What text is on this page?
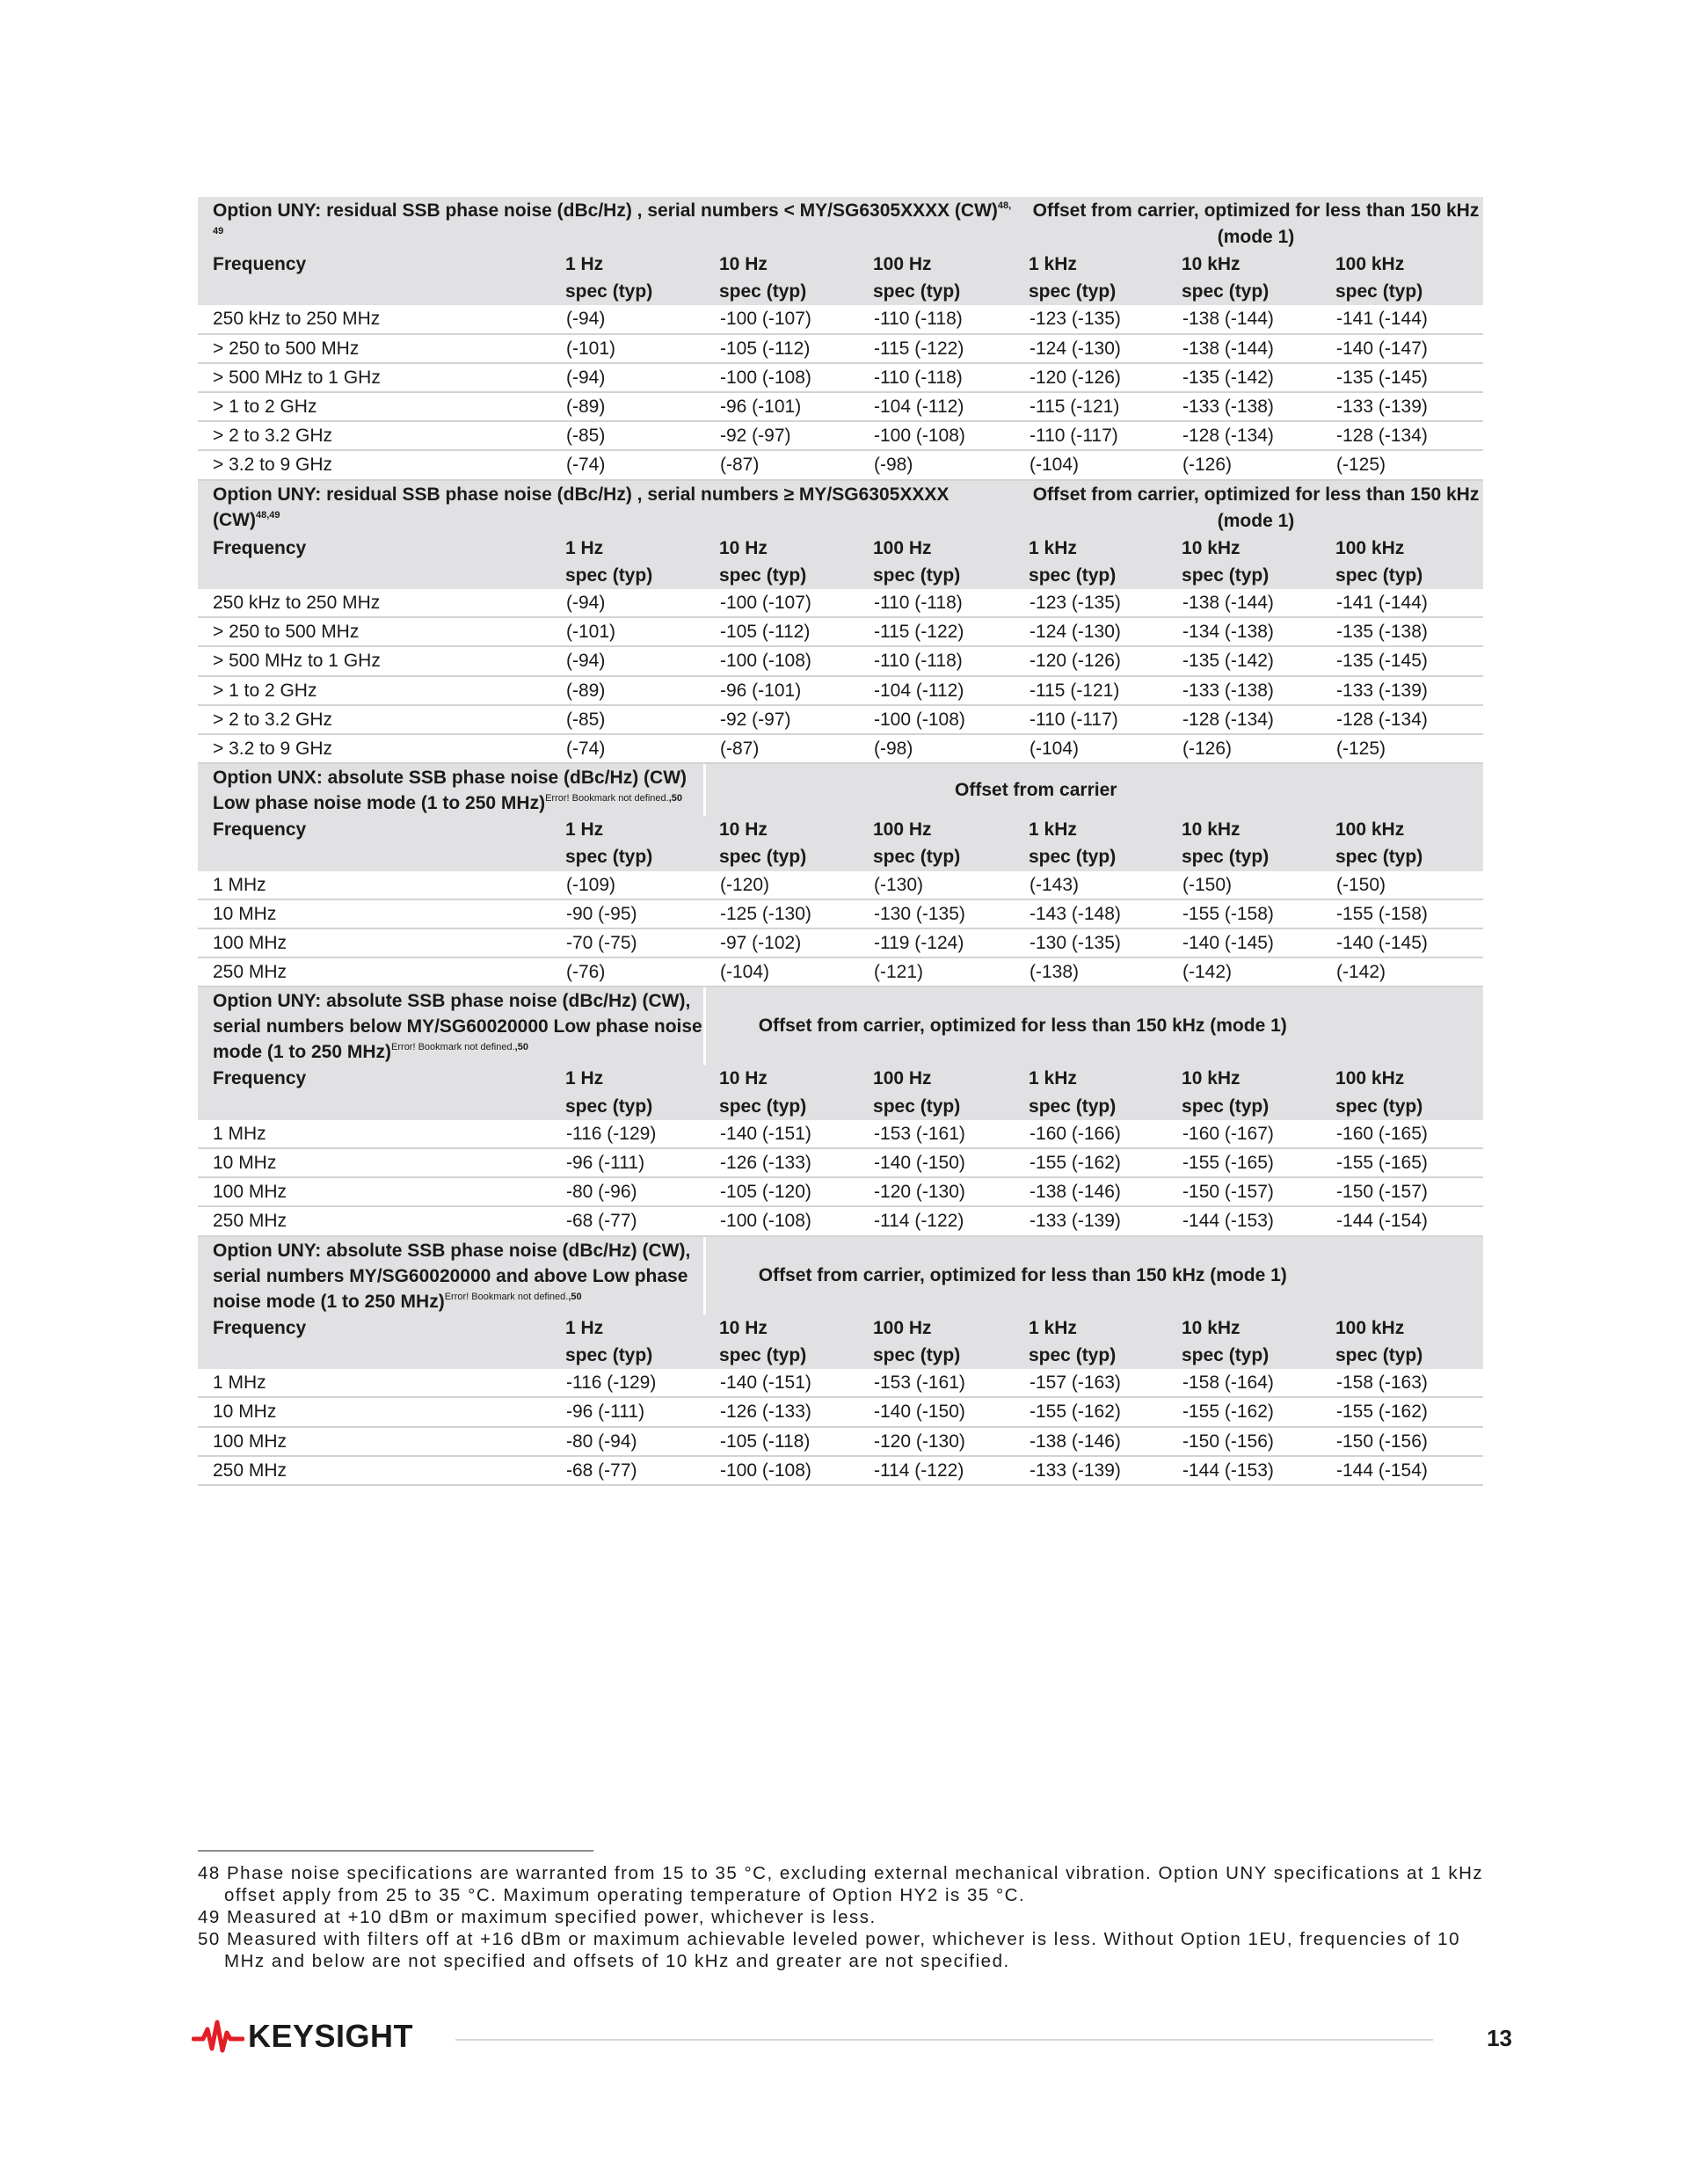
Option UNY: residual SSB phase noise (dBc/Hz) , serial numbers < MY/SG6305XXXX (CW)$^{48, 49}$				Offset from carrier, optimized for less than 150 kHz (mode 1)		
Frequency	1 Hz	10 Hz	100 Hz	1 kHz	10 kHz	100 kHz
	spec (typ)	spec (typ)	spec (typ)	spec (typ)	spec (typ)	spec (typ)
250 kHz to 250 MHz	(-94)	-100 (-107)	-110 (-118)	-123 (-135)	-138 (-144)	-141 (-144)
> 250 to 500 MHz	(-101)	-105 (-112)	-115 (-122)	-124 (-130)	-138 (-144)	-140 (-147)
> 500 MHz to 1 GHz	(-94)	-100 (-108)	-110 (-118)	-120 (-126)	-135 (-142)	-135 (-145)
> 1 to 2 GHz	(-89)	-96 (-101)	-104 (-112)	-115 (-121)	-133 (-138)	-133 (-139)
> 2 to 3.2 GHz	(-85)	-92 (-97)	-100 (-108)	-110 (-117)	-128 (-134)	-128 (-134)
> 3.2 to 9 GHz	(-74)	(-87)	(-98)	(-104)	(-126)	(-125)
Option UNY: residual SSB phase noise (dBc/Hz) , serial numbers ≥ MY/SG6305XXXX (CW)$^{48,49}$				Offset from carrier, optimized for less than 150 kHz (mode 1)		
Frequency	1 Hz	10 Hz	100 Hz	1 kHz	10 kHz	100 kHz
	spec (typ)	spec (typ)	spec (typ)	spec (typ)	spec (typ)	spec (typ)
250 kHz to 250 MHz	(-94)	-100 (-107)	-110 (-118)	-123 (-135)	-138 (-144)	-141 (-144)
> 250 to 500 MHz	(-101)	-105 (-112)	-115 (-122)	-124 (-130)	-134 (-138)	-135 (-138)
> 500 MHz to 1 GHz	(-94)	-100 (-108)	-110 (-118)	-120 (-126)	-135 (-142)	-135 (-145)
> 1 to 2 GHz	(-89)	-96 (-101)	-104 (-112)	-115 (-121)	-133 (-138)	-133 (-139)
> 2 to 3.2 GHz	(-85)	-92 (-97)	-100 (-108)	-110 (-117)	-128 (-134)	-128 (-134)
> 3.2 to 9 GHz	(-74)	(-87)	(-98)	(-104)	(-126)	(-125)
Option UNX: absolute SSB phase noise (dBc/Hz) (CW) Low phase noise mode (1 to 250 MHz)$^{Error! Bookmark not defined.,50}$		Offset from carrier				
Frequency	1 Hz	10 Hz	100 Hz	1 kHz	10 kHz	100 kHz
	spec (typ)	spec (typ)	spec (typ)	spec (typ)	spec (typ)	spec (typ)
1 MHz	(-109)	(-120)	(-130)	(-143)	(-150)	(-150)
10 MHz	-90 (-95)	-125 (-130)	-130 (-135)	-143 (-148)	-155 (-158)	-155 (-158)
100 MHz	-70 (-75)	-97 (-102)	-119 (-124)	-130 (-135)	-140 (-145)	-140 (-145)
250 MHz	(-76)	(-104)	(-121)	(-138)	(-142)	(-142)
Option UNY: absolute SSB phase noise (dBc/Hz) (CW), serial numbers below MY/SG60020000 Low phase noise mode (1 to 250 MHz)$^{Error! Bookmark not defined.,50}$		Offset from carrier, optimized for less than 150 kHz (mode 1)				
Frequency	1 Hz	10 Hz	100 Hz	1 kHz	10 kHz	100 kHz
	spec (typ)	spec (typ)	spec (typ)	spec (typ)	spec (typ)	spec (typ)
1 MHz	-116 (-129)	-140 (-151)	-153 (-161)	-160 (-166)	-160 (-167)	-160 (-165)
10 MHz	-96 (-111)	-126 (-133)	-140 (-150)	-155 (-162)	-155 (-165)	-155 (-165)
100 MHz	-80 (-96)	-105 (-120)	-120 (-130)	-138 (-146)	-150 (-157)	-150 (-157)
250 MHz	-68 (-77)	-100 (-108)	-114 (-122)	-133 (-139)	-144 (-153)	-144 (-154)
Option UNY: absolute SSB phase noise (dBc/Hz) (CW), serial numbers MY/SG60020000 and above Low phase noise mode (1 to 250 MHz)$^{Error! Bookmark not defined.,50}$		Offset from carrier, optimized for less than 150 kHz (mode 1)				
Frequency	1 Hz	10 Hz	100 Hz	1 kHz	10 kHz	100 kHz
	spec (typ)	spec (typ)	spec (typ)	spec (typ)	spec (typ)	spec (typ)
1 MHz	-116 (-129)	-140 (-151)	-153 (-161)	-157 (-163)	-158 (-164)	-158 (-163)
10 MHz	-96 (-111)	-126 (-133)	-140 (-150)	-155 (-162)	-155 (-162)	-155 (-162)
100 MHz	-80 (-94)	-105 (-118)	-120 (-130)	-138 (-146)	-150 (-156)	-150 (-156)
250 MHz	-68 (-77)	-100 (-108)	-114 (-122)	-133 (-139)	-144 (-153)	-144 (-154)

48 Phase noise specifications are warranted from 15 to 35 °C, excluding external mechanical vibration. Option UNY specifications at 1 kHz offset apply from 25 to 35 °C. Maximum operating temperature of Option HY2 is 35 °C.

49 Measured at +10 dBm or maximum specified power, whichever is less.

50 Measured with filters off at +16 dBm or maximum achievable leveled power, whichever is less. Without Option 1EU, frequencies of 10 MHz and below are not specified and offsets of 10 kHz and greater are not specified.

KEYSIGHT	13
